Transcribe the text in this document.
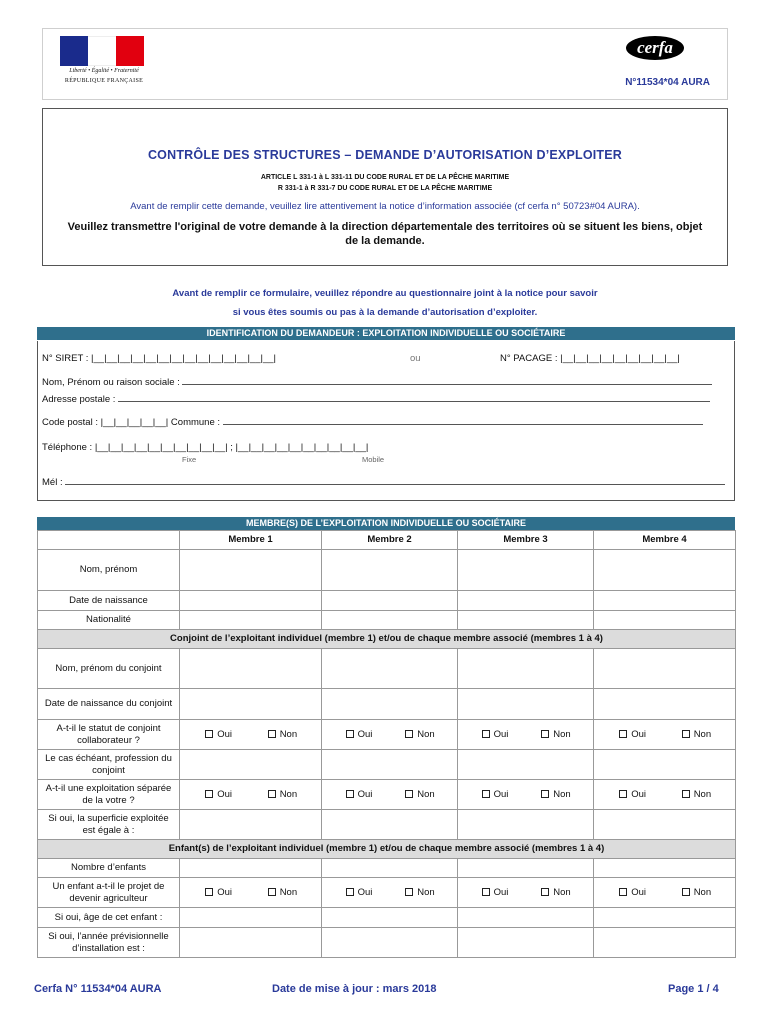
Liberté • Égalité • Fraternité
RÉPUBLIQUE FRANÇAISE
cerfa
N°11534*04 AURA
CONTRÔLE DES STRUCTURES – DEMANDE D’AUTORISATION D’EXPLOITER
ARTICLE L 331-1 à L 331-11 DU CODE RURAL ET DE LA PÊCHE MARITIME
R 331-1 à R 331-7 DU CODE RURAL ET DE LA PÊCHE MARITIME
Avant de remplir cette demande, veuillez lire attentivement la notice d’information associée (cf cerfa n° 50723#04 AURA).
Veuillez transmettre l'original de votre demande à la direction départementale des territoires où se situent les biens, objet de la demande.
Avant de remplir ce formulaire, veuillez répondre au questionnaire joint à la notice pour savoir
si vous êtes soumis ou pas à la demande d’autorisation d’exploiter.
IDENTIFICATION DU DEMANDEUR : EXPLOITATION INDIVIDUELLE OU SOCIÉTAIRE
N° SIRET : |__|__|__|__|__|__|__|__|__|__|__|__|__|__|	ou	N° PACAGE : |__|__|__|__|__|__|__|__|__|
Nom, Prénom ou raison sociale :
Adresse postale :
Code postal : |__|__|__|__|__| Commune :
Téléphone : |__|__|__|__|__|__|__|__|__|__| ; |__|__|__|__|__|__|__|__|__|__|
Fixe	Mobile
Mél :
MEMBRE(S) DE L’EXPLOITATION INDIVIDUELLE OU SOCIÉTAIRE
	Membre 1	Membre 2	Membre 3	Membre 4
Nom, prénom				
Date de naissance				
Nationalité				
Conjoint de l’exploitant individuel (membre 1) et/ou de chaque membre associé (membres 1 à 4)				
Nom, prénom du conjoint				
Date de naissance du conjoint				
A-t-il le statut de conjoint collaborateur ?	Oui Non	Oui Non	Oui Non	Oui Non
Le cas échéant, profession du conjoint				
A-t-il une exploitation séparée de la votre ?	Oui Non	Oui Non	Oui Non	Oui Non
Si oui, la superficie exploitée est égale à :				
Enfant(s) de l’exploitant individuel (membre 1) et/ou de chaque membre associé (membres 1 à 4)				
Nombre d’enfants				
Un enfant a-t-il le projet de devenir agriculteur	Oui Non	Oui Non	Oui Non	Oui Non
Si oui, âge de cet enfant :				
Si oui, l’année prévisionnelle d’installation est :				
Cerfa N° 11534*04 AURA	Date de mise à jour : mars 2018	Page 1 / 4
